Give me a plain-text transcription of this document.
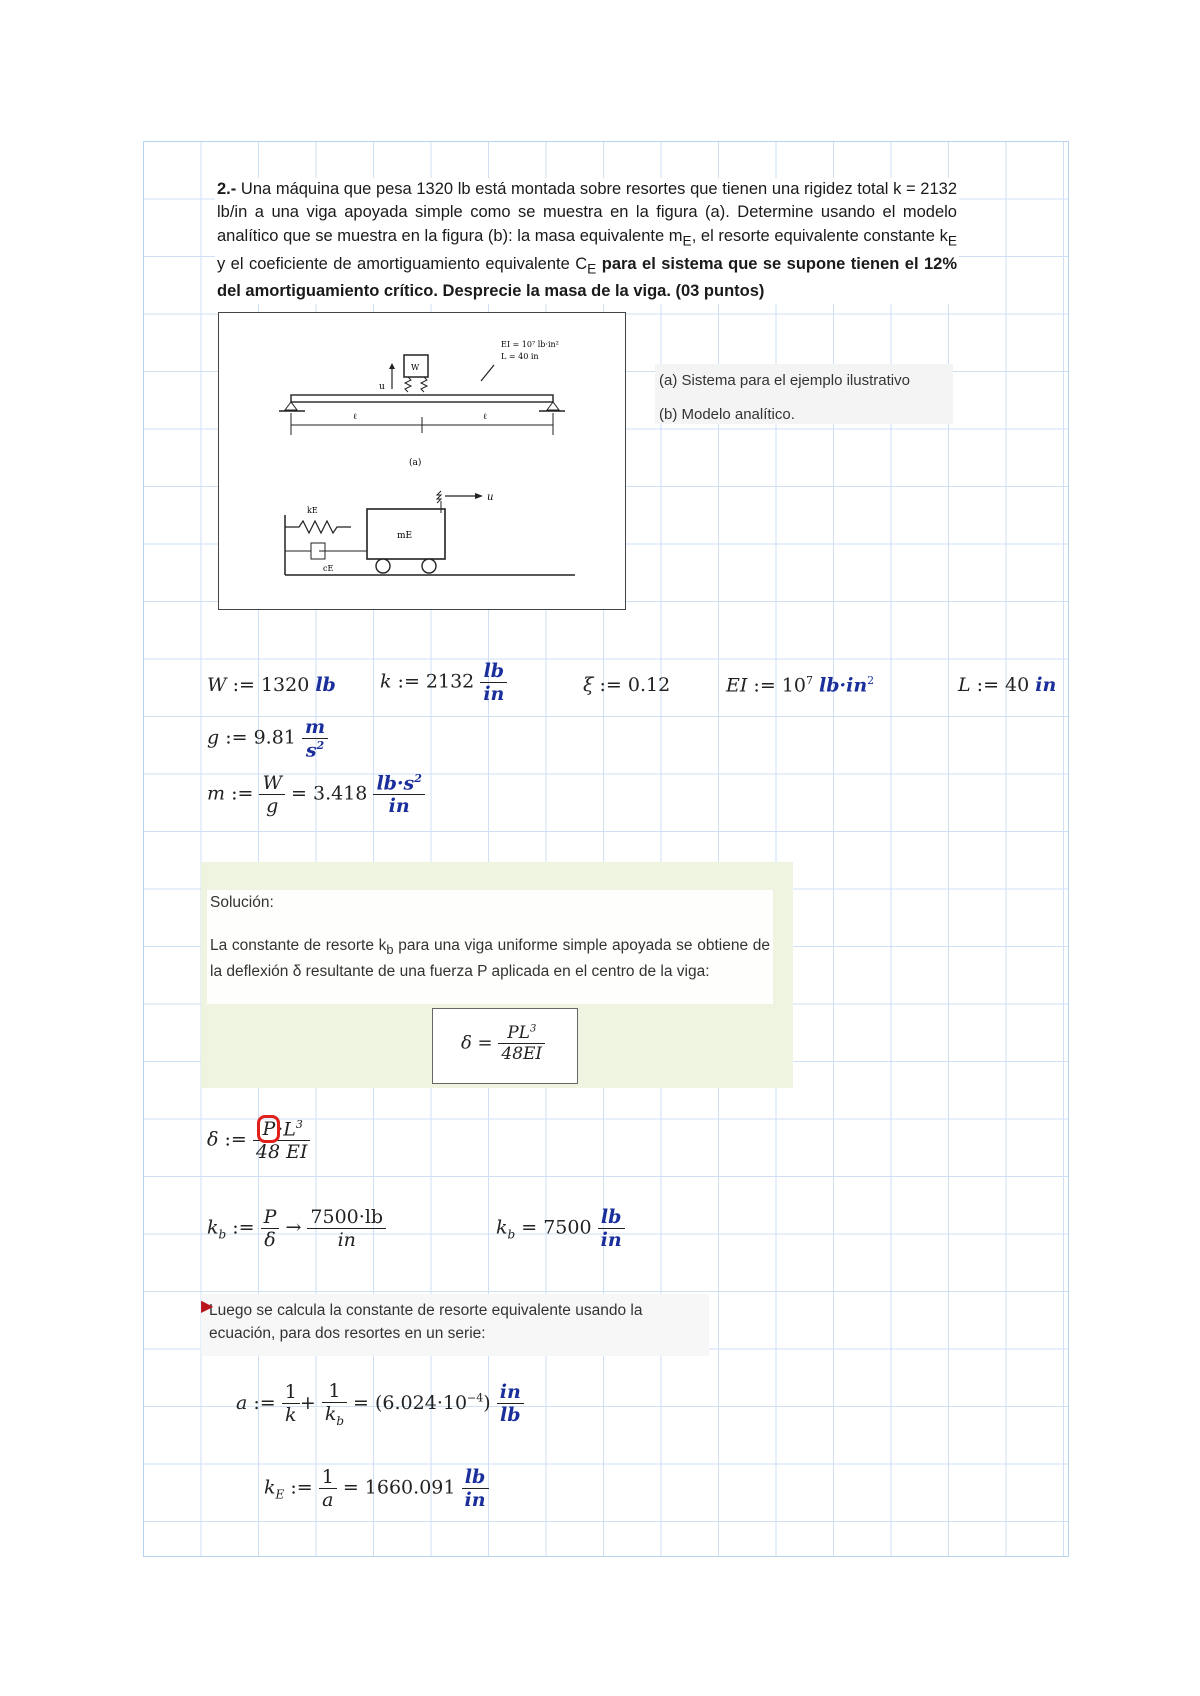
2.- Una máquina que pesa 1320 lb está montada sobre resortes que tienen una rigidez total k = 2132 lb/in a una viga apoyada simple como se muestra en la figura (a). Determine usando el modelo analítico que se muestra en la figura (b): la masa equivalente $m_E$, el resorte equivalente constante $k_E$ y el coeficiente de amortiguamiento equivalente $C_E$ para el sistema que se supone tienen el 12% del amortiguamiento crítico. Desprecie la masa de la viga. (03 puntos)
EI = 10⁷ lb·in²
L = 40 in
W
u
ℓ	ℓ
(a)
kE
cE
mE
u
(a) Sistema para el ejemplo ilustrativo
(b) Modelo analítico.
W := 1320 lb k := $2132 \frac{lb}{in}$	ξ := 0.12	EI := $10^7$ $lb\cdot in^2$	L := 40 in
g := $9.81 \frac{m}{s^2}$
m := $\frac{W}{g} = 3.418 \frac{lb\cdot s^2}{in}$
Solución:
La constante de resorte $k_b$ para una viga uniforme simple apoyada se obtiene de la deflexión δ resultante de una fuerza P aplicada en el centro de la viga:
$\delta = \frac{PL^3}{48EI}$
δ := $\frac{P \cdot L^3}{48 EI}$
$k_b$ := $\frac{P}{\delta} \to \frac{7500\cdot lb}{in}$	$k_b = 7500 \frac{lb}{in}$
▶
Luego se calcula la constante de resorte equivalente usando la ecuación, para dos resortes en un serie:
a := $\frac{1}{k} + \frac{1}{k_b} = (6.024\cdot 10^{-4}) \frac{in}{lb}$
$k_E$ := $\frac{1}{a} = 1660.091 \frac{lb}{in}$
